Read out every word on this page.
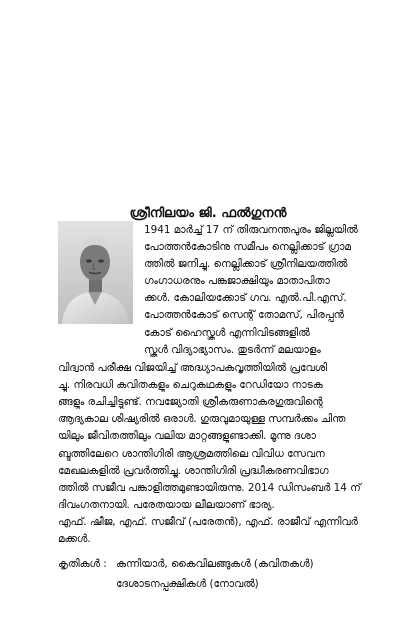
ശ്രീനിലയം ജി. ഫൽഗുനൻ
1941 മാർച്ച് 17 ന് തിരുവനന്തപുരം ജില്ലയിൽ
പോത്തൻകോടിനു സമീപം നെല്ലിക്കാട് ഗ്രാമ
ത്തിൽ ജനിച്ചു. നെല്ലിക്കാട് ശ്രീനിലയത്തിൽ
ഗംഗാധരനും പങ്കജാക്ഷിയും മാതാപിതാ
ക്കൾ. കോലിയക്കോട് ഗവ. എൽ.പി.എസ്.
പോത്തൻകോട് സെന്റ് തോമസ്, പിരപ്പൻ
കോട് ഹൈസ്കൂൾ എന്നിവിടങ്ങളിൽ
സ്കൂൾ വിദ്യാഭ്യാസം. തുടർന്ന് മലയാളം
വിദ്വാൻ പരീക്ഷ വിജയിച്ച് അദ്ധ്യാപകവൃത്തിയിൽ പ്രവേശി
ച്ചു. നിരവധി കവിതകളും ചെറുകഥകളും റേഡിയോ നാടക
ങ്ങളും രചിച്ചിട്ടുണ്ട്. നവജ്യോതി ശ്രീകരുണാകരഗുരുവിന്റെ
ആദ്യകാല ശിഷ്യരിൽ ഒരാൾ. ഗുരുവുമായുള്ള സമ്പർക്കം ചിന്ത
യിലും ജീവിതത്തിലും വലിയ മാറ്റങ്ങളുണ്ടാക്കി. മൂന്നു ദശാ
ബ്ദത്തിലേറെ ശാന്തിഗിരി ആശ്രമത്തിലെ വിവിധ സേവന
മേഖലകളിൽ പ്രവർത്തിച്ചു. ശാന്തിഗിരി പ്രദ്ധീകരണവിഭാഗ
ത്തിൽ സജീവ പങ്കാളിത്തമുണ്ടായിരുന്നു. 2014 ഡിസംബർ 14 ന്
ദിവംഗതനായി. പരേതയായ ലീലയാണ് ഭാര്യ.
എഫ്. ഷീജ, എഫ്. സജീവ് (പരേതൻ), എഫ്. രാജീവ് എന്നിവർ
മക്കൾ.
കൃതികൾ : കന്നിയാർ, കൈവിലങ്ങുകൾ (കവിതകൾ)
ദേശാടനപ്പക്ഷികൾ (നോവൽ)
